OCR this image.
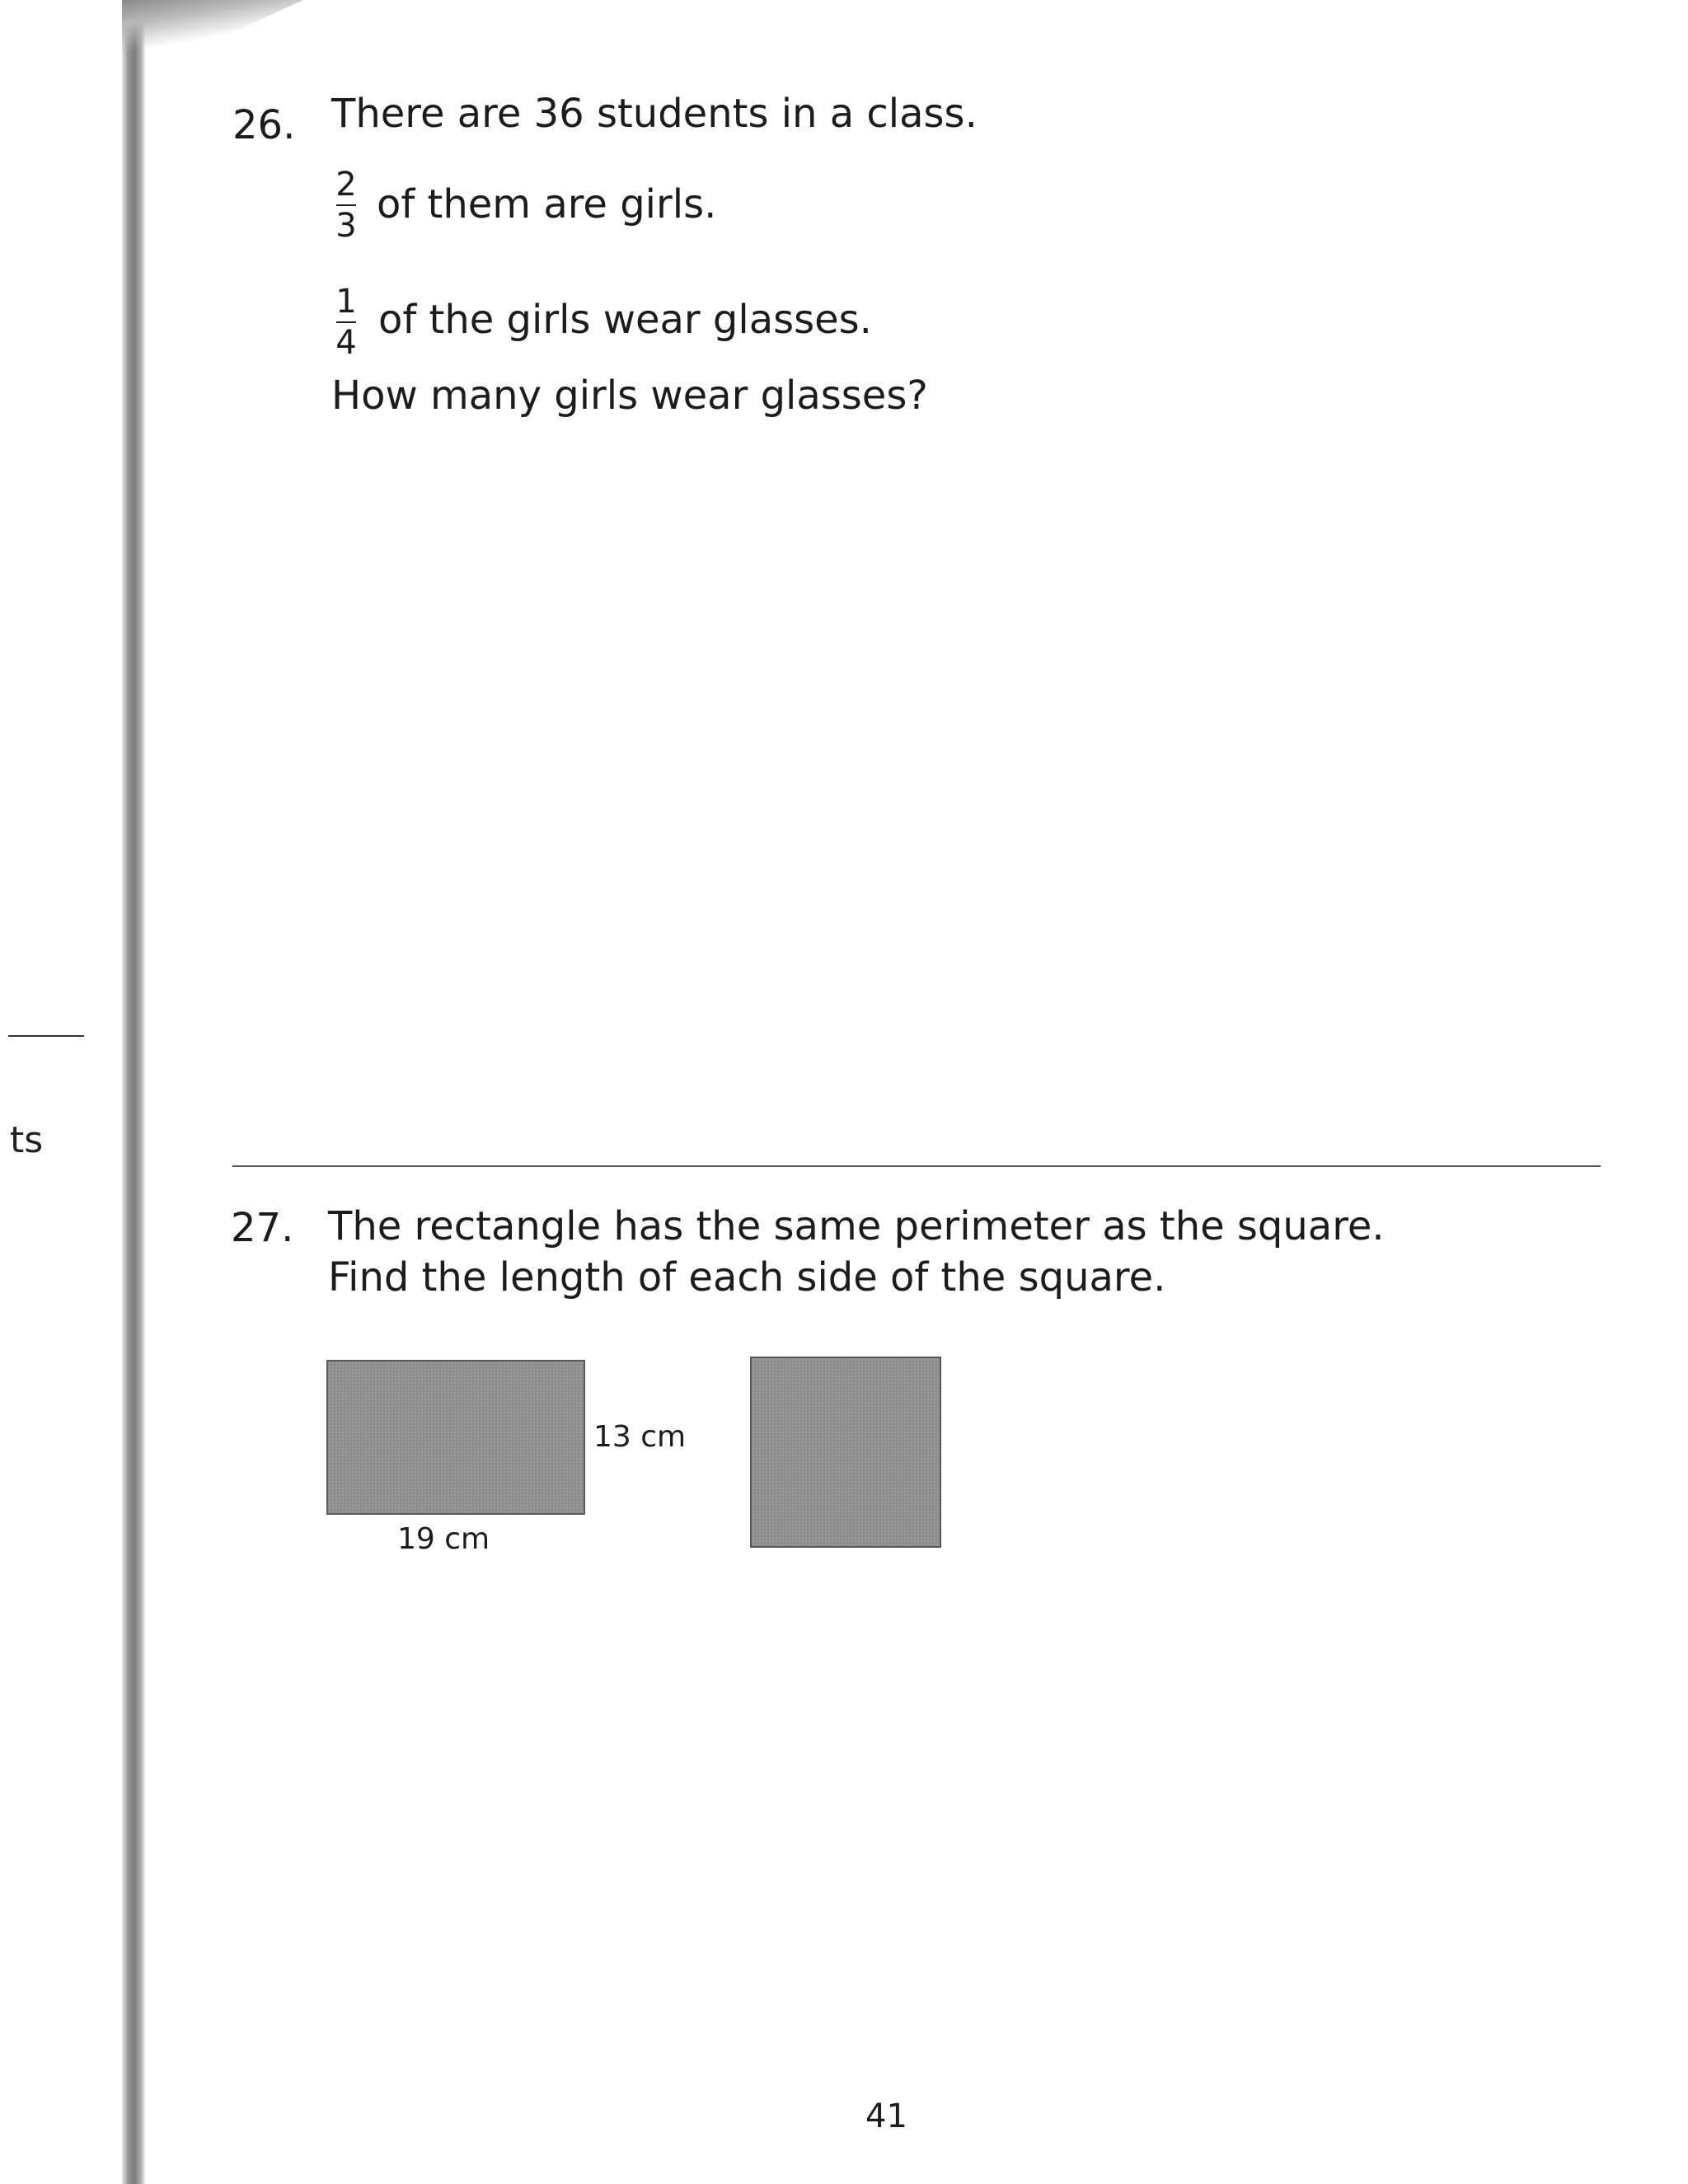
ts
26. There are 36 students in a class.
2
3 of them are girls.
1
4 of the girls wear glasses.
How many girls wear glasses?
27. The rectangle has the same perimeter as the square.
Find the length of each side of the square.
13 cm
19 cm
41
